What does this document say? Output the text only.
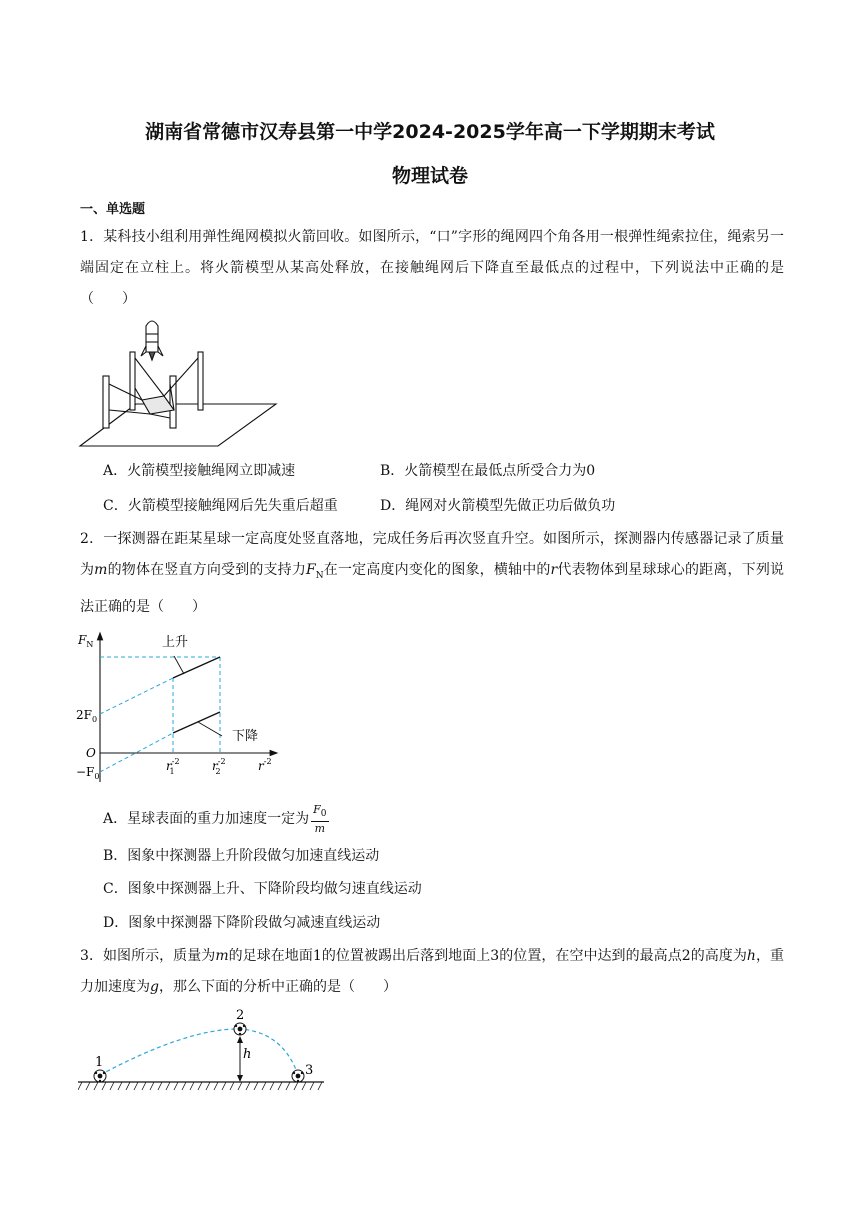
湖南省常德市汉寿县第一中学2024-2025学年高一下学期期末考试
物理试卷
一、单选题
1．某科技小组利用弹性绳网模拟火箭回收。如图所示，“口”字形的绳网四个角各用一根弹性绳索拉住，绳索另一端固定在立柱上。将火箭模型从某高处释放，在接触绳网后下降直至最低点的过程中，下列说法中正确的是（　　）
A．火箭模型接触绳网立即减速	B．火箭模型在最低点所受合力为0
C．火箭模型接触绳网后先失重后超重	D．绳网对火箭模型先做正功后做负功
2．一探测器在距某星球一定高度处竖直落地，完成任务后再次竖直升空。如图所示，探测器内传感器记录了质量为m的物体在竖直方向受到的支持力$F_N$在一定高度内变化的图象，横轴中的r代表物体到星球球心的距离，下列说法正确的是（　　）
$F_N$	上升
下降
$2F_0$
O
$-F_0$
$r^{-2}$ 1	$r^{-2}$ 2	$r^{-2}$
A．星球表面的重力加速度一定为 $\frac{F_0}{m}$
B．图象中探测器上升阶段做匀加速直线运动
C．图象中探测器上升、下降阶段均做匀速直线运动
D．图象中探测器下降阶段做匀减速直线运动
3．如图所示，质量为m的足球在地面1的位置被踢出后落到地面上3的位置，在空中达到的最高点2的高度为h，重力加速度为g，那么下面的分析中正确的是（　　）
1
2
3
h
